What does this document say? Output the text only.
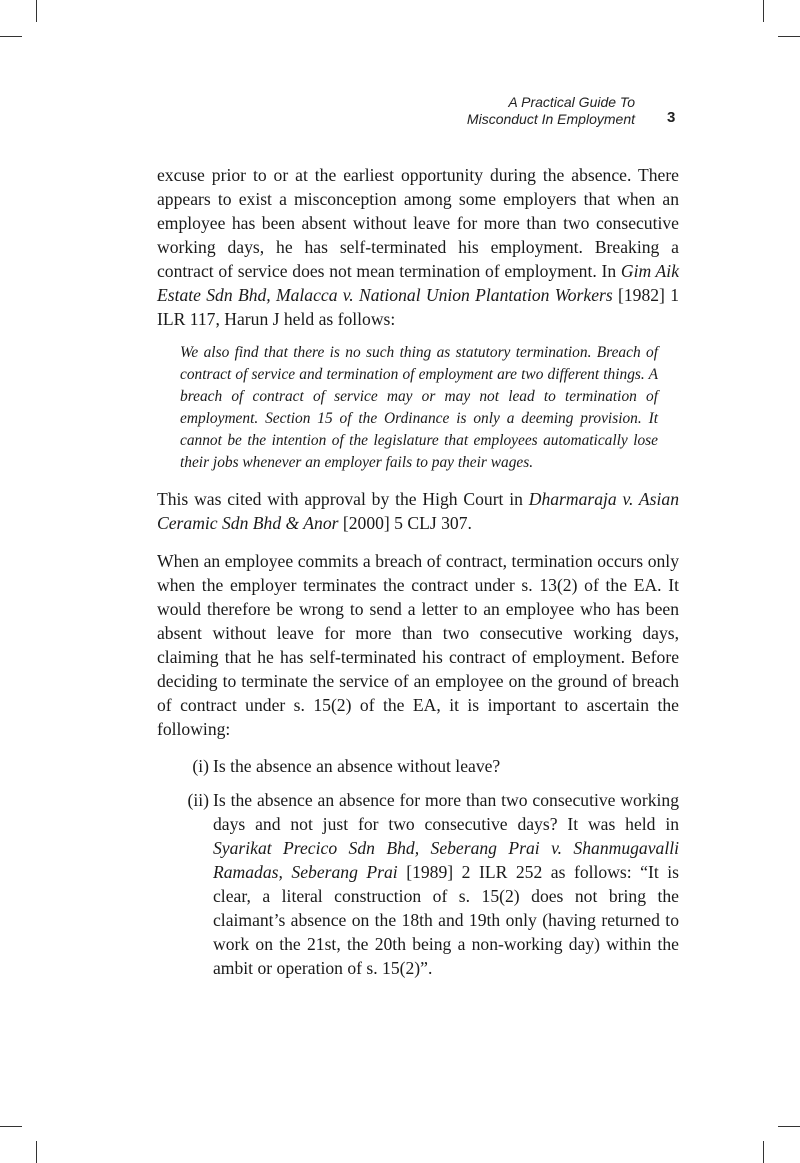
A Practical Guide To
Misconduct In Employment 3

excuse prior to or at the earliest opportunity during the absence. There appears to exist a misconception among some employers that when an employee has been absent without leave for more than two consecutive working days, he has self-terminated his employment. Breaking a contract of service does not mean termination of employment. In Gim Aik Estate Sdn Bhd, Malacca v. National Union Plantation Workers [1982] 1 ILR 117, Harun J held as follows:

We also find that there is no such thing as statutory termination. Breach of contract of service and termination of employment are two different things. A breach of contract of service may or may not lead to termination of employment. Section 15 of the Ordinance is only a deeming provision. It cannot be the intention of the legislature that employees automatically lose their jobs whenever an employer fails to pay their wages.

This was cited with approval by the High Court in Dharmaraja v. Asian Ceramic Sdn Bhd & Anor [2000] 5 CLJ 307.

When an employee commits a breach of contract, termination occurs only when the employer terminates the contract under s. 13(2) of the EA. It would therefore be wrong to send a letter to an employee who has been absent without leave for more than two consecutive working days, claiming that he has self-terminated his contract of employment. Before deciding to terminate the service of an employee on the ground of breach of contract under s. 15(2) of the EA, it is important to ascertain the following:

(i) Is the absence an absence without leave?

(ii) Is the absence an absence for more than two consecutive working days and not just for two consecutive days? It was held in Syarikat Precico Sdn Bhd, Seberang Prai v. Shanmugavalli Ramadas, Seberang Prai [1989] 2 ILR 252 as follows: “It is clear, a literal construction of s. 15(2) does not bring the claimant’s absence on the 18th and 19th only (having returned to work on the 21st, the 20th being a non-working day) within the ambit or operation of s. 15(2)”.
